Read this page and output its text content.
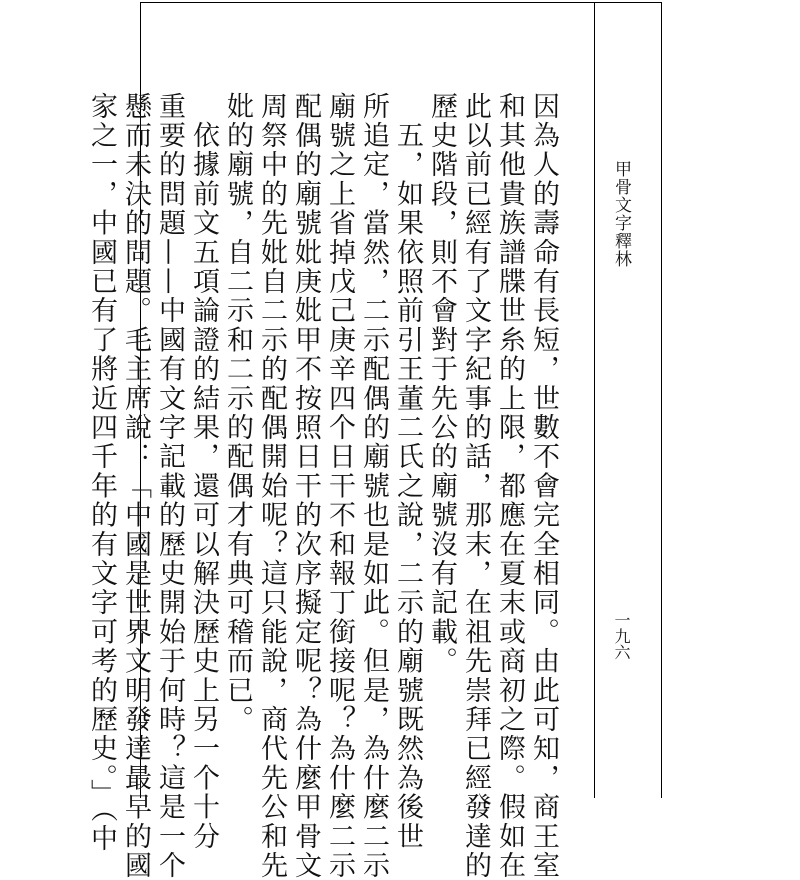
甲骨文字釋林
一九六
因為人的壽命有長短，世數不會完全相同。由此可知，商王室
和其他貴族譜牒世糸的上限，都應在夏末或商初之際。假如在
此以前已經有了文字紀事的話，那末，在祖先崇拜已經發達的
歷史階段，則不會對于先公的廟號沒有記載。
　五，如果依照前引王董二氏之說，二示的廟號既然為後世
所追定，當然，二示配偶的廟號也是如此。但是，為什麼二示
廟號之上省掉戊己庚辛四个日干不和報丁銜接呢？為什麼二示
配偶的廟號妣庚妣甲不按照日干的次序擬定呢？為什麼甲骨文
周祭中的先妣自二示的配偶開始呢？這只能說，商代先公和先
妣的廟號，自二示和二示的配偶才有典可稽而已。
　依據前文五項論證的結果，還可以解決歷史上另一个十分
重要的問題——中國有文字記載的歷史開始于何時？這是一个
懸而未決的問題。毛主席說：「中國是世界文明發達最早的國
家之一，中國已有了將近四千年的有文字可考的歷史。」（中
